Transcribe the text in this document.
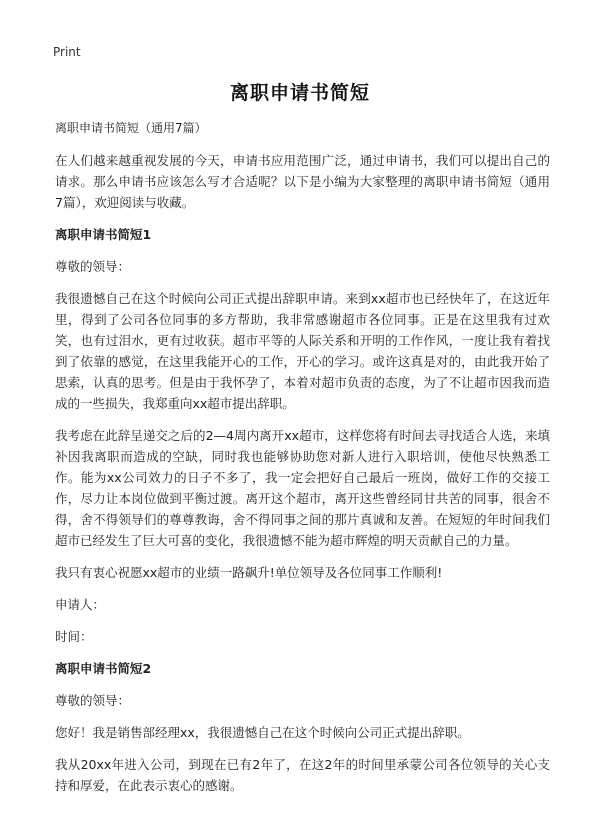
Print
离职申请书简短

离职申请书简短（通用7篇）

在人们越来越重视发展的今天，申请书应用范围广泛，通过申请书，我们可以提出自己的请求。那么申请书应该怎么写才合适呢？以下是小编为大家整理的离职申请书简短（通用7篇），欢迎阅读与收藏。

离职申请书简短1

尊敬的领导：

我很遗憾自己在这个时候向公司正式提出辞职申请。来到xx超市也已经快年了，在这近年里，得到了公司各位同事的多方帮助，我非常感谢超市各位同事。正是在这里我有过欢笑，也有过泪水，更有过收获。超市平等的人际关系和开明的工作作风，一度让我有着找到了依靠的感觉，在这里我能开心的工作，开心的学习。或许这真是对的，由此我开始了思索，认真的思考。但是由于我怀孕了，本着对超市负责的态度，为了不让超市因我而造成的一些损失，我郑重向xx超市提出辞职。

我考虑在此辞呈递交之后的2—4周内离开xx超市，这样您将有时间去寻找适合人选，来填补因我离职而造成的空缺，同时我也能够协助您对新人进行入职培训，使他尽快熟悉工作。能为xx公司效力的日子不多了，我一定会把好自己最后一班岗，做好工作的交接工作，尽力让本岗位做到平衡过渡。离开这个超市，离开这些曾经同甘共苦的同事，很舍不得，舍不得领导们的尊尊教诲，舍不得同事之间的那片真诚和友善。在短短的年时间我们超市已经发生了巨大可喜的变化，我很遗憾不能为超市辉煌的明天贡献自己的力量。

我只有衷心祝愿xx超市的业绩一路飙升!单位领导及各位同事工作顺利!

申请人：

时间：

离职申请书简短2

尊敬的领导：

您好！我是销售部经理xx，我很遗憾自己在这个时候向公司正式提出辞职。

我从20xx年进入公司，到现在已有2年了，在这2年的时间里承蒙公司各位领导的关心支持和厚爱，在此表示衷心的感谢。
